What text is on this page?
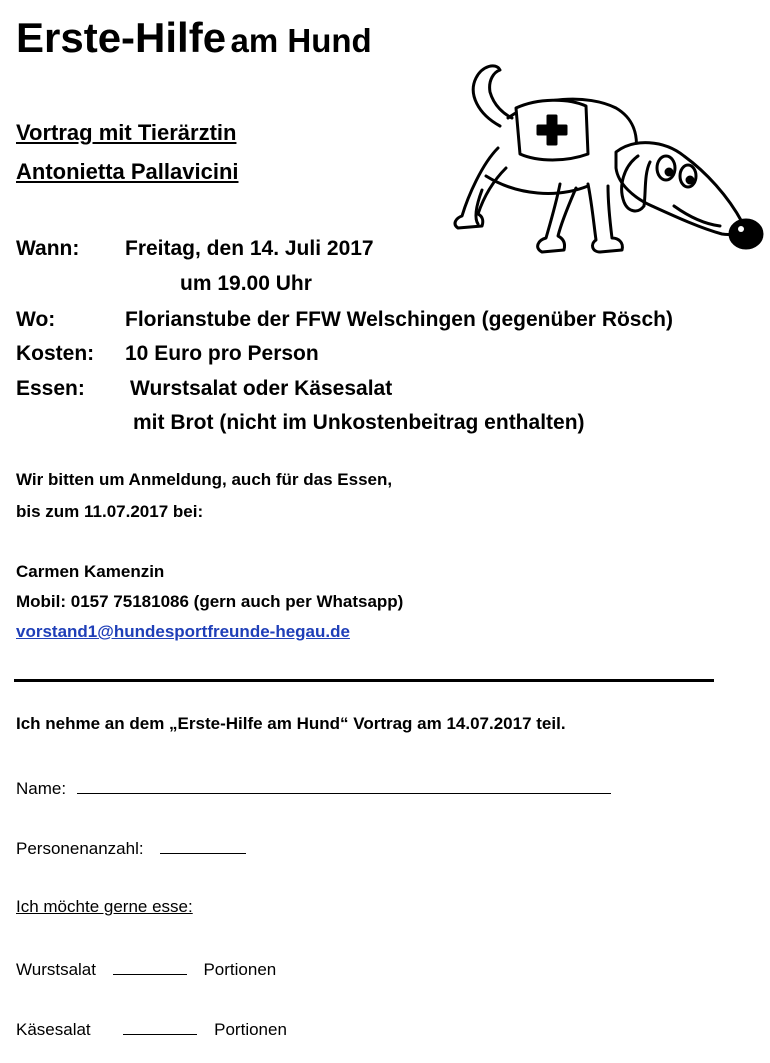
Erste-Hilfe am Hund
Vortrag mit Tierärztin
Antonietta Pallavicini
Wann: Freitag, den 14. Juli 2017
um 19.00 Uhr
Wo:	Florianstube der FFW Welschingen (gegenüber Rösch)
Kosten: 10 Euro pro Person
Essen: Wurstsalat oder Käsesalat
mit Brot (nicht im Unkostenbeitrag enthalten)
Wir bitten um Anmeldung, auch für das Essen,
bis zum 11.07.2017 bei:
Carmen Kamenzin
Mobil: 0157 75181086 (gern auch per Whatsapp)
vorstand1@hundesportfreunde-hegau.de
Ich nehme an dem „Erste-Hilfe am Hund“ Vortrag am 14.07.2017 teil.
Name:
Personenanzahl:
Ich möchte gerne esse:
Wurstsalat	Portionen
Käsesalat	Portionen
